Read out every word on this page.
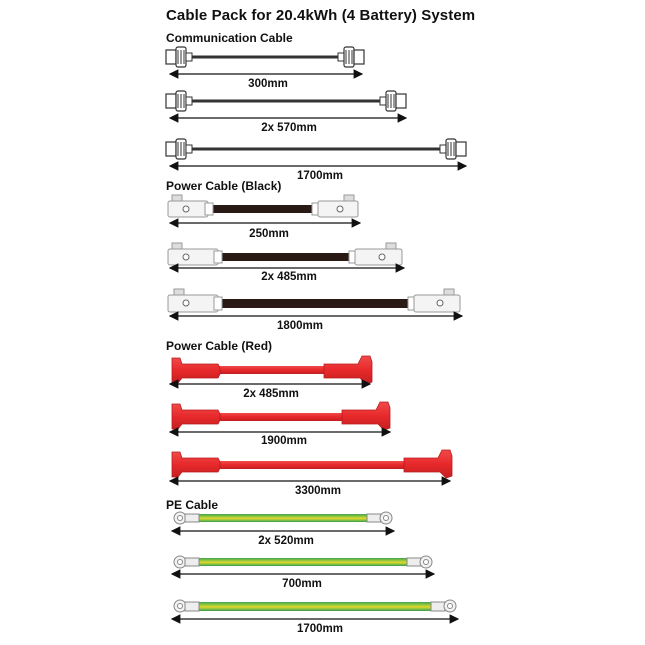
Cable Pack for 20.4kWh (4 Battery) System
Communication Cable
Power Cable (Black)
Power Cable (Red)
PE Cable
300mm
2x 570mm
1700mm
250mm
2x 485mm
1800mm
2x 485mm
1900mm
3300mm
2x 520mm
700mm
1700mm
